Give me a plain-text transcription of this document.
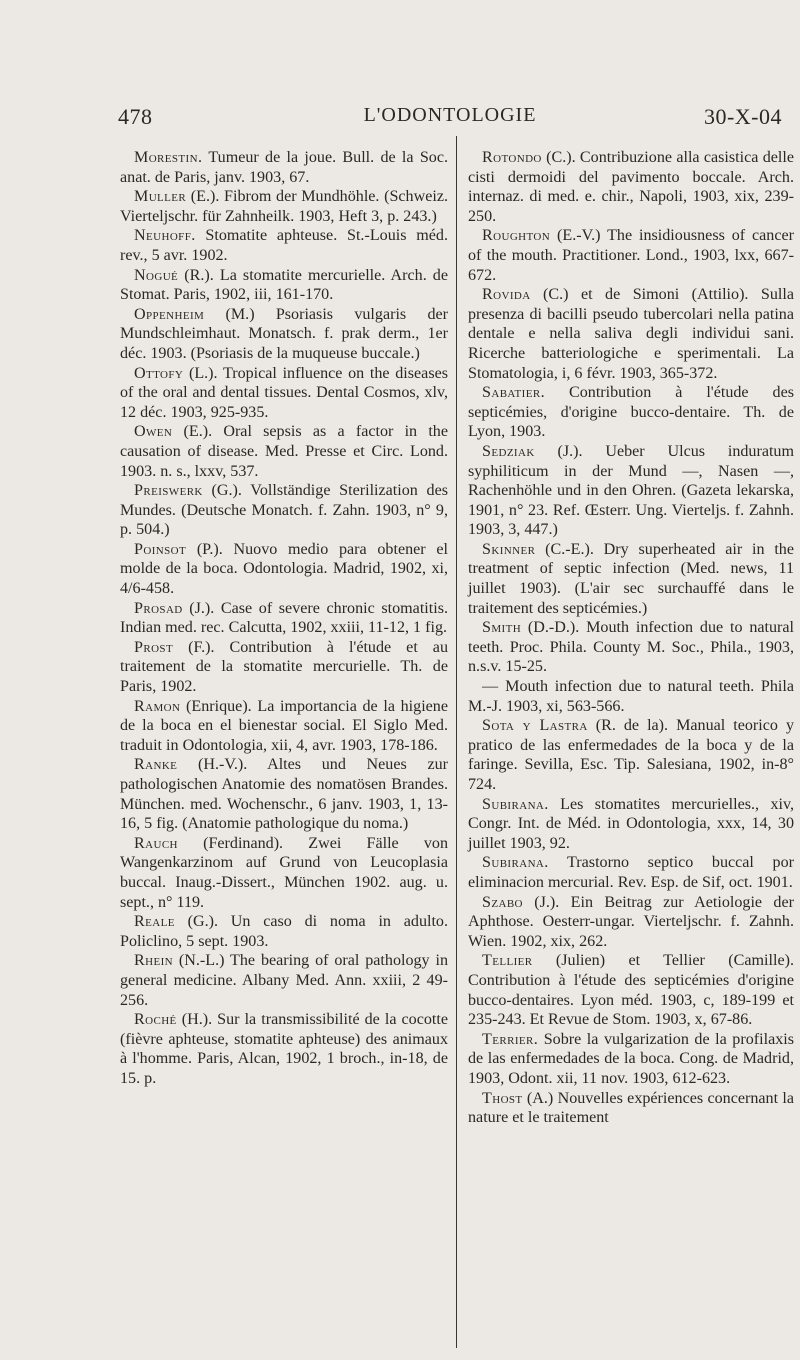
478	L'ODONTOLOGIE	30-X-04

Morestin. Tumeur de la joue. Bull. de la Soc. anat. de Paris, janv. 1903, 67.

Muller (E.). Fibrom der Mundhöhle. (Schweiz. Vierteljschr. für Zahnheilk. 1903, Heft 3, p. 243.)

Neuhoff. Stomatite aphteuse. St.-Louis méd. rev., 5 avr. 1902.

Nogué (R.). La stomatite mercurielle. Arch. de Stomat. Paris, 1902, iii, 161-170.

Oppenheim (M.) Psoriasis vulgaris der Mundschleimhaut. Monatsch. f. prak derm., 1er déc. 1903. (Psoriasis de la muqueuse buccale.)

Ottofy (L.). Tropical influence on the diseases of the oral and dental tissues. Dental Cosmos, xlv, 12 déc. 1903, 925-935.

Owen (E.). Oral sepsis as a factor in the causation of disease. Med. Presse et Circ. Lond. 1903. n. s., lxxv, 537.

Preiswerk (G.). Vollständige Sterilization des Mundes. (Deutsche Monatch. f. Zahn. 1903, n° 9, p. 504.)

Poinsot (P.). Nuovo medio para obtener el molde de la boca. Odontologia. Madrid, 1902, xi, 4/6-458.

Prosad (J.). Case of severe chronic stomatitis. Indian med. rec. Calcutta, 1902, xxiii, 11-12, 1 fig.

Prost (F.). Contribution à l'étude et au traitement de la stomatite mercurielle. Th. de Paris, 1902.

Ramon (Enrique). La importancia de la higiene de la boca en el bienestar social. El Siglo Med. traduit in Odontologia, xii, 4, avr. 1903, 178-186.

Ranke (H.-V.). Altes und Neues zur pathologischen Anatomie des nomatösen Brandes. München. med. Wochenschr., 6 janv. 1903, 1, 13-16, 5 fig. (Anatomie pathologique du noma.)

Rauch (Ferdinand). Zwei Fälle von Wangenkarzinom auf Grund von Leucoplasia buccal. Inaug.-Dissert., München 1902. aug. u. sept., n° 119.

Reale (G.). Un caso di noma in adulto. Policlino, 5 sept. 1903.

Rhein (N.-L.) The bearing of oral pathology in general medicine. Albany Med. Ann. xxiii, 2 49-256.

Roché (H.). Sur la transmissibilité de la cocotte (fièvre aphteuse, stomatite aphteuse) des animaux à l'homme. Paris, Alcan, 1902, 1 broch., in-18, de 15. p.

Rotondo (C.). Contribuzione alla casistica delle cisti dermoidi del pavimento boccale. Arch. internaz. di med. e. chir., Napoli, 1903, xix, 239-250.

Roughton (E.-V.) The insidiousness of cancer of the mouth. Practitioner. Lond., 1903, lxx, 667-672.

Rovida (C.) et de Simoni (Attilio). Sulla presenza di bacilli pseudo tubercolari nella patina dentale e nella saliva degli individui sani. Ricerche batteriologiche e sperimentali. La Stomatologia, i, 6 févr. 1903, 365-372.

Sabatier. Contribution à l'étude des septicémies, d'origine bucco-dentaire. Th. de Lyon, 1903.

Sedziak (J.). Ueber Ulcus induratum syphiliticum in der Mund —, Nasen —, Rachenhöhle und in den Ohren. (Gazeta lekarska, 1901, n° 23. Ref. Œsterr. Ung. Vierteljs. f. Zahnh. 1903, 3, 447.)

Skinner (C.-E.). Dry superheated air in the treatment of septic infection (Med. news, 11 juillet 1903). (L'air sec surchauffé dans le traitement des septicémies.)

Smith (D.-D.). Mouth infection due to natural teeth. Proc. Phila. County M. Soc., Phila., 1903, n.s.v. 15-25.

— Mouth infection due to natural teeth. Phila M.-J. 1903, xi, 563-566.

Sota y Lastra (R. de la). Manual teorico y pratico de las enfermedades de la boca y de la faringe. Sevilla, Esc. Tip. Salesiana, 1902, in-8° 724.

Subirana. Les stomatites mercurielles., xiv, Congr. Int. de Méd. in Odontologia, xxx, 14, 30 juillet 1903, 92.

Subirana. Trastorno septico buccal por eliminacion mercurial. Rev. Esp. de Sif, oct. 1901.

Szabo (J.). Ein Beitrag zur Aetiologie der Aphthose. Oesterr-ungar. Vierteljschr. f. Zahnh. Wien. 1902, xix, 262.

Tellier (Julien) et Tellier (Camille). Contribution à l'étude des septicémies d'origine bucco-dentaires. Lyon méd. 1903, c, 189-199 et 235-243. Et Revue de Stom. 1903, x, 67-86.

Terrier. Sobre la vulgarization de la profilaxis de las enfermedades de la boca. Cong. de Madrid, 1903, Odont. xii, 11 nov. 1903, 612-623.

Thost (A.) Nouvelles expériences concernant la nature et le traitement
